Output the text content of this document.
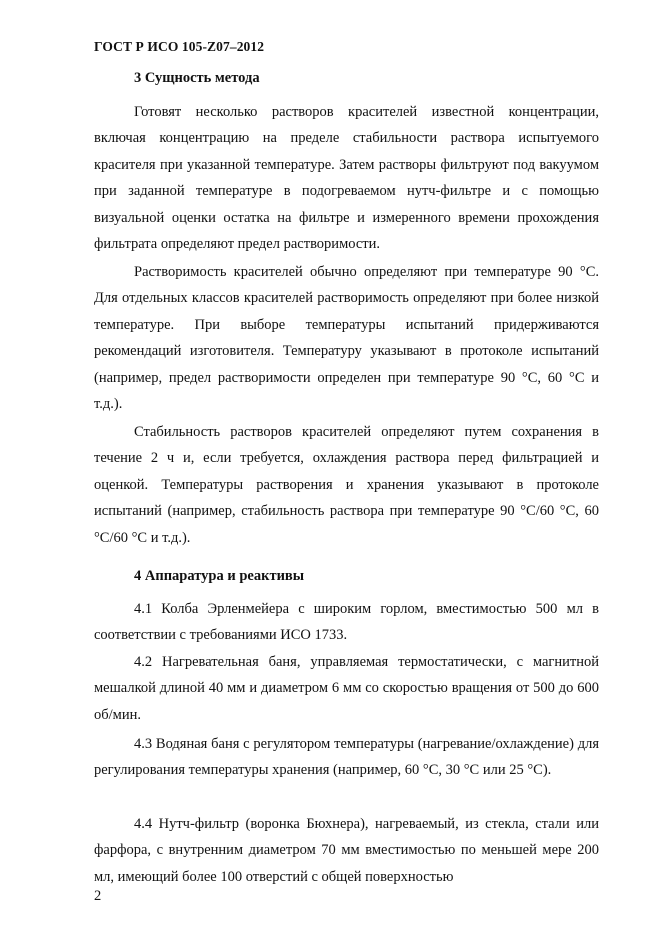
ГОСТ Р ИСО 105-Z07–2012
3 Сущность метода

Готовят несколько растворов красителей известной концентрации, включая концентрацию на пределе стабильности раствора испытуемого красителя при указанной температуре. Затем растворы фильтруют под вакуумом при заданной температуре в подогреваемом нутч-фильтре и с помощью визуальной оценки остатка на фильтре и измеренного времени прохождения фильтрата определяют предел растворимости.

Растворимость красителей обычно определяют при температуре 90 °С. Для отдельных классов красителей растворимость определяют при более низкой температуре. При выборе температуры испытаний придерживаются рекомендаций изготовителя. Температуру указывают в протоколе испытаний (например, предел растворимости определен при температуре 90 °С, 60 °С и т.д.).

Стабильность растворов красителей определяют путем сохранения в течение 2 ч и, если требуется, охлаждения раствора перед фильтрацией и оценкой. Температуры растворения и хранения указывают в протоколе испытаний (например, стабильность раствора при температуре 90 °С/60 °С, 60 °С/60 °С и т.д.).

4 Аппаратура и реактивы

4.1 Колба Эрленмейера с широким горлом, вместимостью 500 мл в соответствии с требованиями ИСО 1733.

4.2 Нагревательная баня, управляемая термостатически, с магнитной мешалкой длиной 40 мм и диаметром 6 мм со скоростью вращения от 500 до 600 об/мин.

4.3 Водяная баня с регулятором температуры (нагревание/охлаждение) для регулирования температуры хранения (например, 60 °С, 30 °С или 25 °С).

4.4 Нутч-фильтр (воронка Бюхнера), нагреваемый, из стекла, стали или фарфора, с внутренним диаметром 70 мм вместимостью по меньшей мере 200 мл, имеющий более 100 отверстий с общей поверхностью

2
